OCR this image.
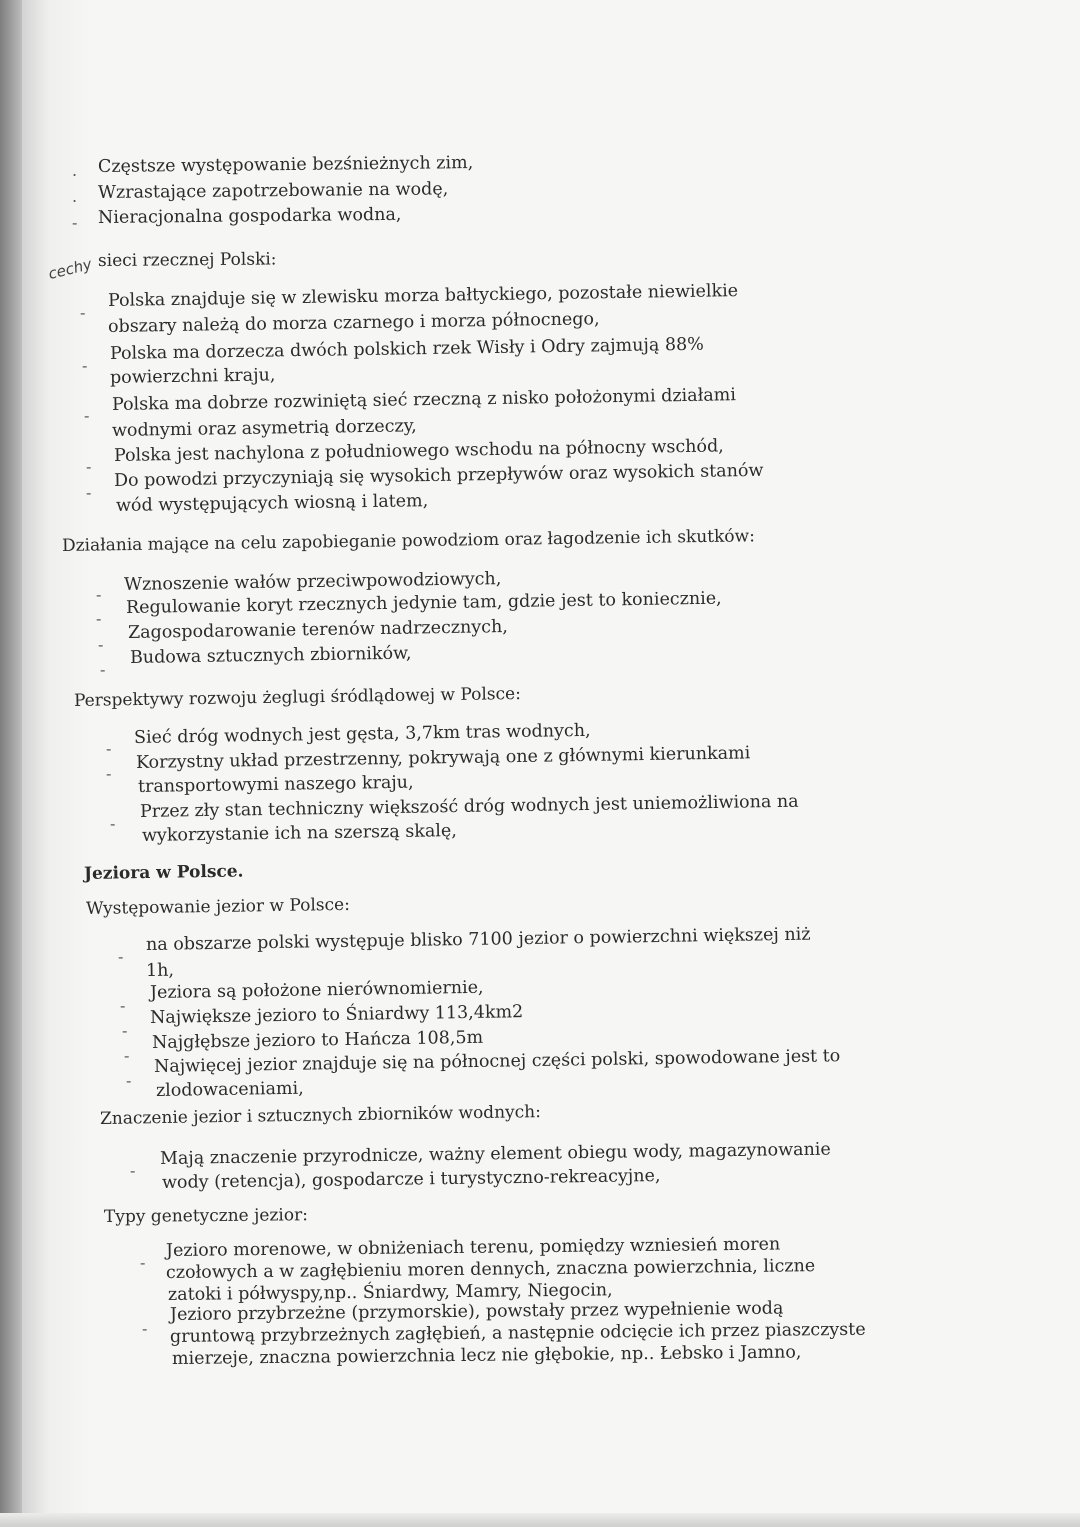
. Częstsze występowanie bezśnieżnych zim,
. Wzrastające zapotrzebowanie na wodę,
- Nieracjonalna gospodarka wodna,
cechy sieci rzecznej Polski:
-
Polska znajduje się w zlewisku morza bałtyckiego, pozostałe niewielkie
obszary należą do morza czarnego i morza północnego,
-
Polska ma dorzecza dwóch polskich rzek Wisły i Odry zajmują 88%
powierzchni kraju,
-
Polska ma dobrze rozwiniętą sieć rzeczną z nisko położonymi działami
wodnymi oraz asymetrią dorzeczy,
-
Polska jest nachylona z południowego wschodu na północny wschód,
-
Do powodzi przyczyniają się wysokich przepływów oraz wysokich stanów
wód występujących wiosną i latem,
Działania mające na celu zapobieganie powodziom oraz łagodzenie ich skutków:
- Wznoszenie wałów przeciwpowodziowych,
-
Regulowanie koryt rzecznych jedynie tam, gdzie jest to koniecznie,
-
Zagospodarowanie terenów nadrzecznych,
-
Budowa sztucznych zbiorników,
Perspektywy rozwoju żeglugi śródlądowej w Polsce:
-
Sieć dróg wodnych jest gęsta, 3,7km tras wodnych,
-
Korzystny układ przestrzenny, pokrywają one z głównymi kierunkami
transportowymi naszego kraju,
-
Przez zły stan techniczny większość dróg wodnych jest uniemożliwiona na
wykorzystanie ich na szerszą skalę,
Jeziora w Polsce.
Występowanie jezior w Polsce:
-
na obszarze polski występuje blisko 7100 jezior o powierzchni większej niż
1h,
-
Jeziora są położone nierównomiernie,
-
Największe jezioro to Śniardwy 113,4km2
-
Najgłębsze jezioro to Hańcza 108,5m
-
Najwięcej jezior znajduje się na północnej części polski, spowodowane jest to
zlodowaceniami,
Znaczenie jezior i sztucznych zbiorników wodnych:
-
Mają znaczenie przyrodnicze, ważny element obiegu wody, magazynowanie
wody (retencja), gospodarcze i turystyczno-rekreacyjne,
Typy genetyczne jezior:
-
Jezioro morenowe, w obniżeniach terenu, pomiędzy wzniesień moren
czołowych a w zagłębieniu moren dennych, znaczna powierzchnia, liczne
zatoki i półwyspy,np.. Śniardwy, Mamry, Niegocin,
-
Jezioro przybrzeżne (przymorskie), powstały przez wypełnienie wodą
gruntową przybrzeżnych zagłębień, a następnie odcięcie ich przez piaszczyste
mierzeje, znaczna powierzchnia lecz nie głębokie, np.. Łebsko i Jamno,
